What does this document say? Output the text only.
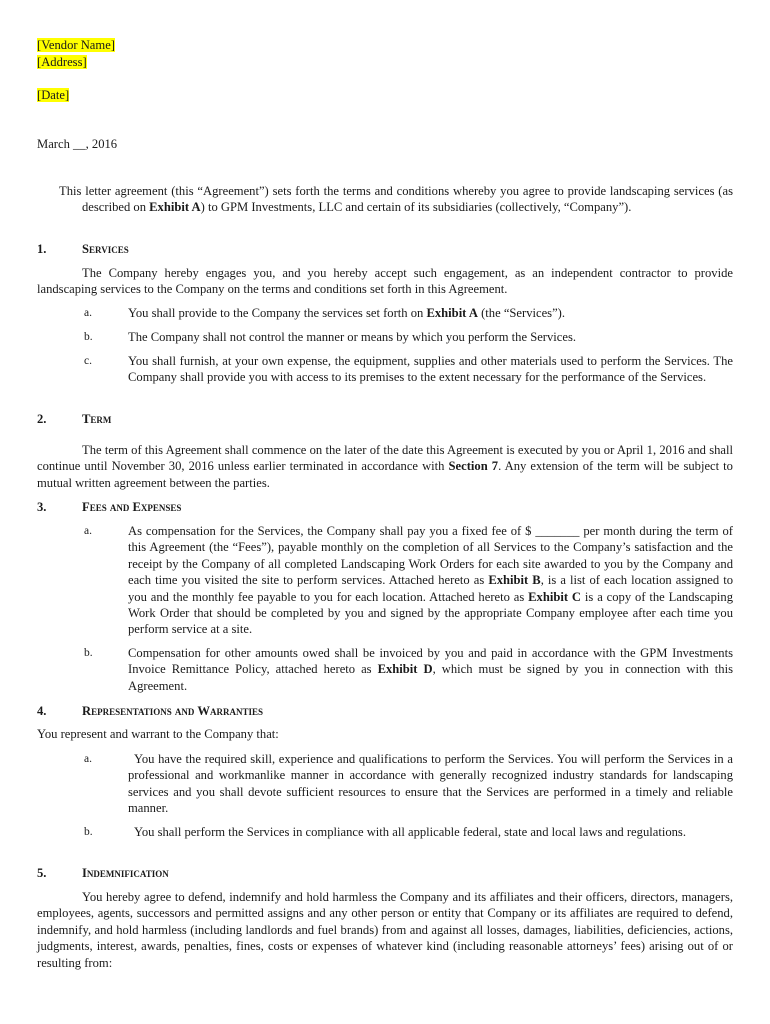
[Vendor Name]
[Address]
[Date]
March __, 2016

This letter agreement (this “Agreement”) sets forth the terms and conditions whereby you agree to provide landscaping services (as described on Exhibit A) to GPM Investments, LLC and certain of its subsidiaries (collectively, “Company”).

1.	Services

The Company hereby engages you, and you hereby accept such engagement, as an independent contractor to provide landscaping services to the Company on the terms and conditions set forth in this Agreement.

a.	You shall provide to the Company the services set forth on Exhibit A (the “Services”).
b.	The Company shall not control the manner or means by which you perform the Services.
c.	You shall furnish, at your own expense, the equipment, supplies and other materials used to perform the Services. The Company shall provide you with access to its premises to the extent necessary for the performance of the Services.
2.	Term

The term of this Agreement shall commence on the later of the date this Agreement is executed by you or April 1, 2016 and shall continue until November 30, 2016 unless earlier terminated in accordance with Section 7. Any extension of the term will be subject to mutual written agreement between the parties.

3.	Fees and Expenses
a.	As compensation for the Services, the Company shall pay you a fixed fee of $ _______ per month during the term of this Agreement (the “Fees”), payable monthly on the completion of all Services to the Company’s satisfaction and the receipt by the Company of all completed Landscaping Work Orders for each site awarded to you by the Company and each time you visited the site to perform services. Attached hereto as Exhibit B, is a list of each location assigned to you and the monthly fee payable to you for each location. Attached hereto as Exhibit C is a copy of the Landscaping Work Order that should be completed by you and signed by the appropriate Company employee after each time you perform service at a site.
b.	Compensation for other amounts owed shall be invoiced by you and paid in accordance with the GPM Investments Invoice Remittance Policy, attached hereto as Exhibit D, which must be signed by you in connection with this Agreement.
4.	Representations and Warranties
You represent and warrant to the Company that:
a.	You have the required skill, experience and qualifications to perform the Services. You will perform the Services in a professional and workmanlike manner in accordance with generally recognized industry standards for landscaping services and you shall devote sufficient resources to ensure that the Services are performed in a timely and reliable manner.
b.	You shall perform the Services in compliance with all applicable federal, state and local laws and regulations.
5.	Indemnification

You hereby agree to defend, indemnify and hold harmless the Company and its affiliates and their officers, directors, managers, employees, agents, successors and permitted assigns and any other person or entity that Company or its affiliates are required to defend, indemnify, and hold harmless (including landlords and fuel brands) from and against all losses, damages, liabilities, deficiencies, actions, judgments, interest, awards, penalties, fines, costs or expenses of whatever kind (including reasonable attorneys’ fees) arising out of or resulting from:
